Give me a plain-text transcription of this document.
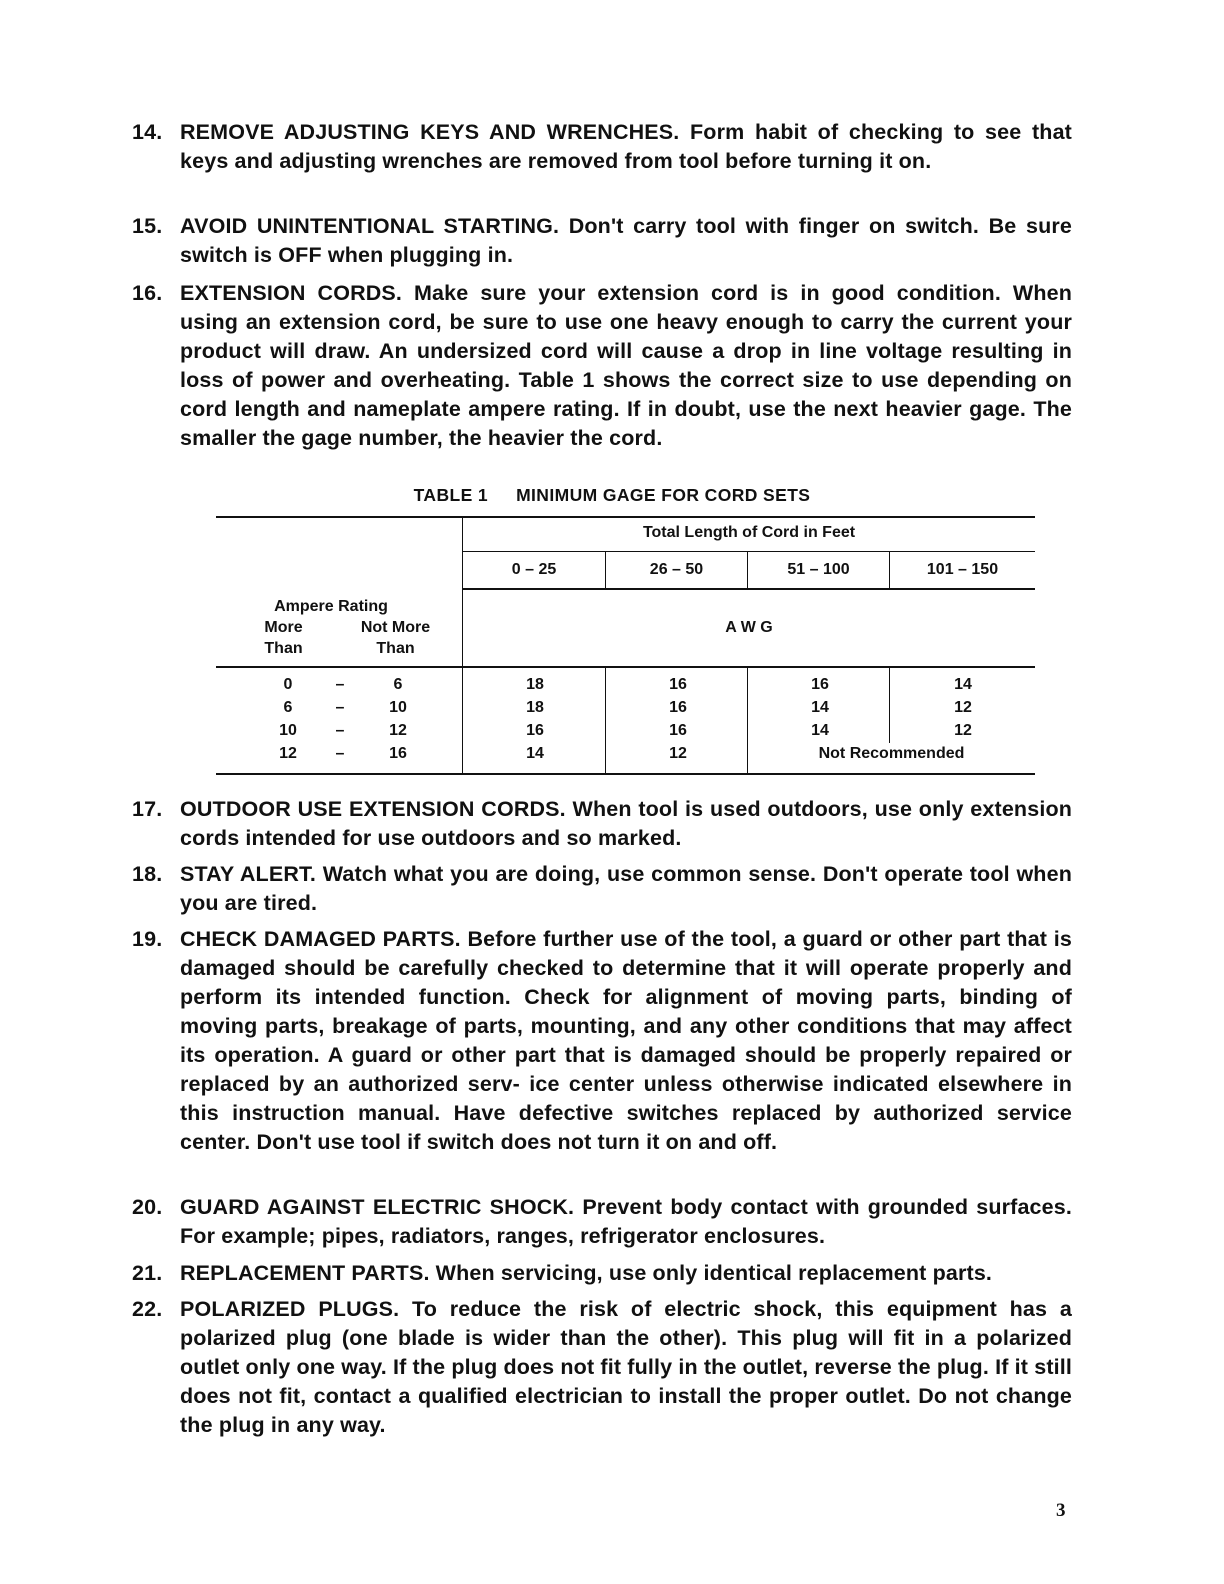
14. REMOVE ADJUSTING KEYS AND WRENCHES. Form habit of checking to see that keys and adjusting wrenches are removed from tool before turning it on.
15. AVOID UNINTENTIONAL STARTING. Don't carry tool with finger on switch. Be sure switch is OFF when plugging in.
16. EXTENSION CORDS. Make sure your extension cord is in good condition. When using an extension cord, be sure to use one heavy enough to carry the current your product will draw. An undersized cord will cause a drop in line voltage resulting in loss of power and overheating. Table 1 shows the correct size to use depending on cord length and nameplate ampere rating. If in doubt, use the next heavier gage. The smaller the gage number, the heavier the cord.
TABLE 1 MINIMUM GAGE FOR CORD SETS
Total Length of Cord in Feet
0 – 25	26 – 50	51 – 100	101 – 150
Ampere Rating
More
Than
Not More
Than
A W G
0	–	6	18	16	16	14
6	–	10	18	16	14	12
10	–	12	16	16	14	12
12	–	16	14	12	Not Recommended
17. OUTDOOR USE EXTENSION CORDS. When tool is used outdoors, use only extension cords intended for use outdoors and so marked.
18. STAY ALERT. Watch what you are doing, use common sense. Don't operate tool when you are tired.
19. CHECK DAMAGED PARTS. Before further use of the tool, a guard or other part that is damaged should be carefully checked to determine that it will operate properly and perform its intended function. Check for alignment of moving parts, binding of moving parts, breakage of parts, mounting, and any other conditions that may affect its operation. A guard or other part that is damaged should be properly repaired or replaced by an authorized serv- ice center unless otherwise indicated elsewhere in this instruction manual. Have defective switches replaced by authorized service center. Don't use tool if switch does not turn it on and off.
20. GUARD AGAINST ELECTRIC SHOCK. Prevent body contact with grounded surfaces. For example; pipes, radiators, ranges, refrigerator enclosures.
21. REPLACEMENT PARTS. When servicing, use only identical replacement parts.
22. POLARIZED PLUGS. To reduce the risk of electric shock, this equipment has a polarized plug (one blade is wider than the other). This plug will fit in a polarized outlet only one way. If the plug does not fit fully in the outlet, reverse the plug. If it still does not fit, contact a qualified electrician to install the proper outlet. Do not change the plug in any way.
3
